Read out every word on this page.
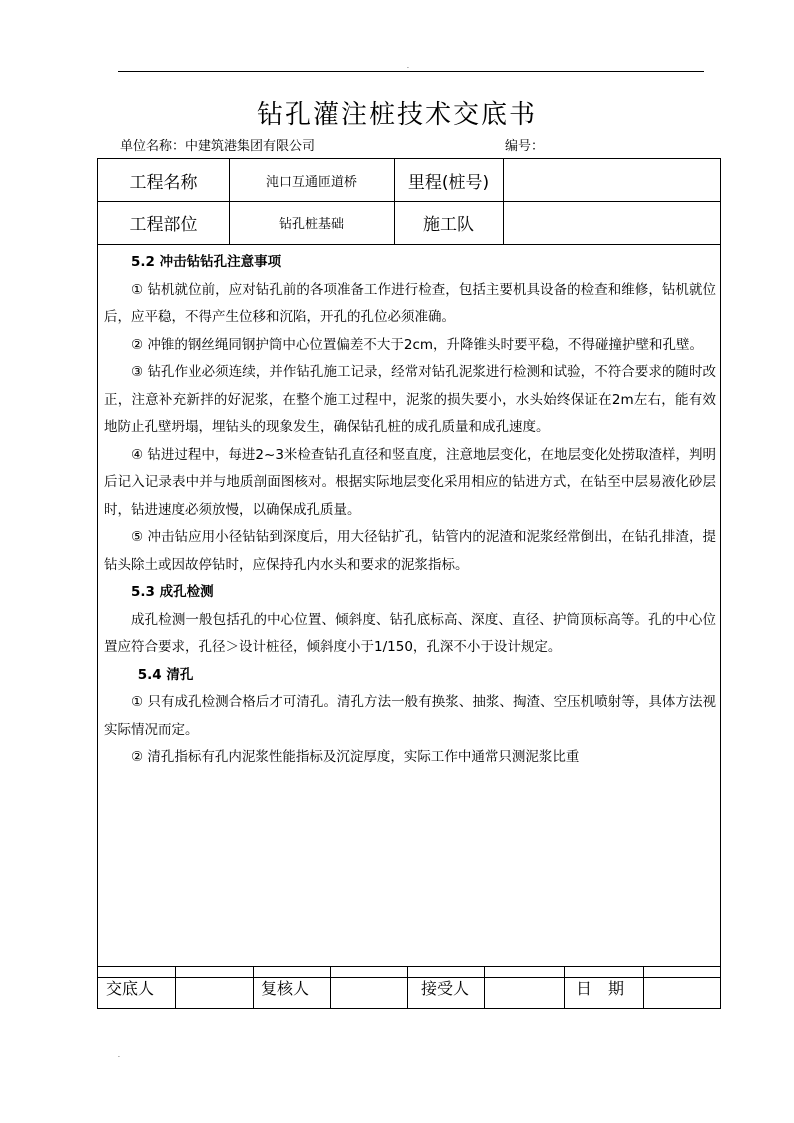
.
钻孔灌注桩技术交底书
单位名称：中建筑港集团有限公司	编号：
工程名称	沌口互通匝道桥	里程(桩号)
工程部位	钻孔桩基础	施工队

5.2 冲击钻钻孔注意事项

① 钻机就位前，应对钻孔前的各项准备工作进行检查，包括主要机具设备的检查和维修，钻机就位后，应平稳，不得产生位移和沉陷，开孔的孔位必须准确。

② 冲锥的钢丝绳同钢护筒中心位置偏差不大于2cm，升降锥头时要平稳，不得碰撞护壁和孔壁。

③ 钻孔作业必须连续，并作钻孔施工记录，经常对钻孔泥浆进行检测和试验，不符合要求的随时改正，注意补充新拌的好泥浆，在整个施工过程中，泥浆的损失要小，水头始终保证在2m左右，能有效地防止孔壁坍塌，埋钻头的现象发生，确保钻孔桩的成孔质量和成孔速度。

④ 钻进过程中，每进2~3米检查钻孔直径和竖直度，注意地层变化，在地层变化处捞取渣样，判明后记入记录表中并与地质剖面图核对。根据实际地层变化采用相应的钻进方式，在钻至中层易液化砂层时，钻进速度必须放慢，以确保成孔质量。

⑤ 冲击钻应用小径钻钻到深度后，用大径钻扩孔，钻管内的泥渣和泥浆经常倒出，在钻孔排渣，提钻头除土或因故停钻时，应保持孔内水头和要求的泥浆指标。

5.3 成孔检测

成孔检测一般包括孔的中心位置、倾斜度、钻孔底标高、深度、直径、护筒顶标高等。孔的中心位置应符合要求，孔径＞设计桩径，倾斜度小于1/150，孔深不小于设计规定。

5.4 清孔

① 只有成孔检测合格后才可清孔。清孔方法一般有换浆、抽浆、掏渣、空压机喷射等，具体方法视实际情况而定。

② 清孔指标有孔内泥浆性能指标及沉淀厚度，实际工作中通常只测泥浆比重

交底人	复核人	接受人	日　期
.
